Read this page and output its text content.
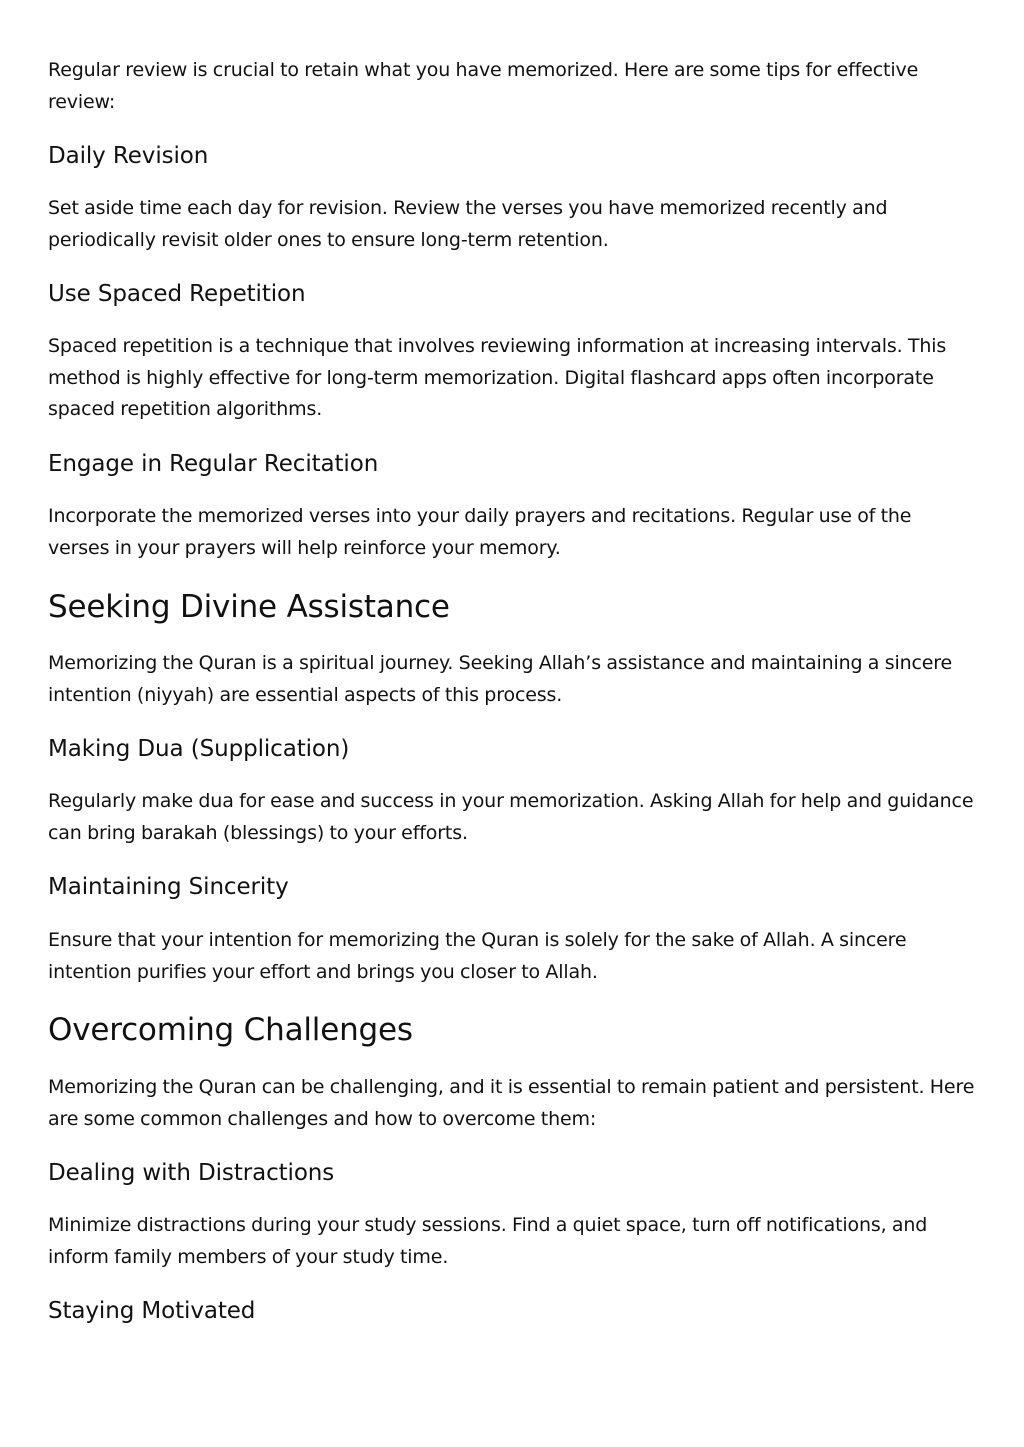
Regular review is crucial to retain what you have memorized. Here are some tips for effective review:

Daily Revision

Set aside time each day for revision. Review the verses you have memorized recently and periodically revisit older ones to ensure long-term retention.

Use Spaced Repetition

Spaced repetition is a technique that involves reviewing information at increasing intervals. This method is highly effective for long-term memorization. Digital flashcard apps often incorporate spaced repetition algorithms.

Engage in Regular Recitation

Incorporate the memorized verses into your daily prayers and recitations. Regular use of the verses in your prayers will help reinforce your memory.

Seeking Divine Assistance

Memorizing the Quran is a spiritual journey. Seeking Allah’s assistance and maintaining a sincere intention (niyyah) are essential aspects of this process.

Making Dua (Supplication)

Regularly make dua for ease and success in your memorization. Asking Allah for help and guidance can bring barakah (blessings) to your efforts.

Maintaining Sincerity

Ensure that your intention for memorizing the Quran is solely for the sake of Allah. A sincere intention purifies your effort and brings you closer to Allah.

Overcoming Challenges

Memorizing the Quran can be challenging, and it is essential to remain patient and persistent. Here are some common challenges and how to overcome them:

Dealing with Distractions

Minimize distractions during your study sessions. Find a quiet space, turn off notifications, and inform family members of your study time.

Staying Motivated
